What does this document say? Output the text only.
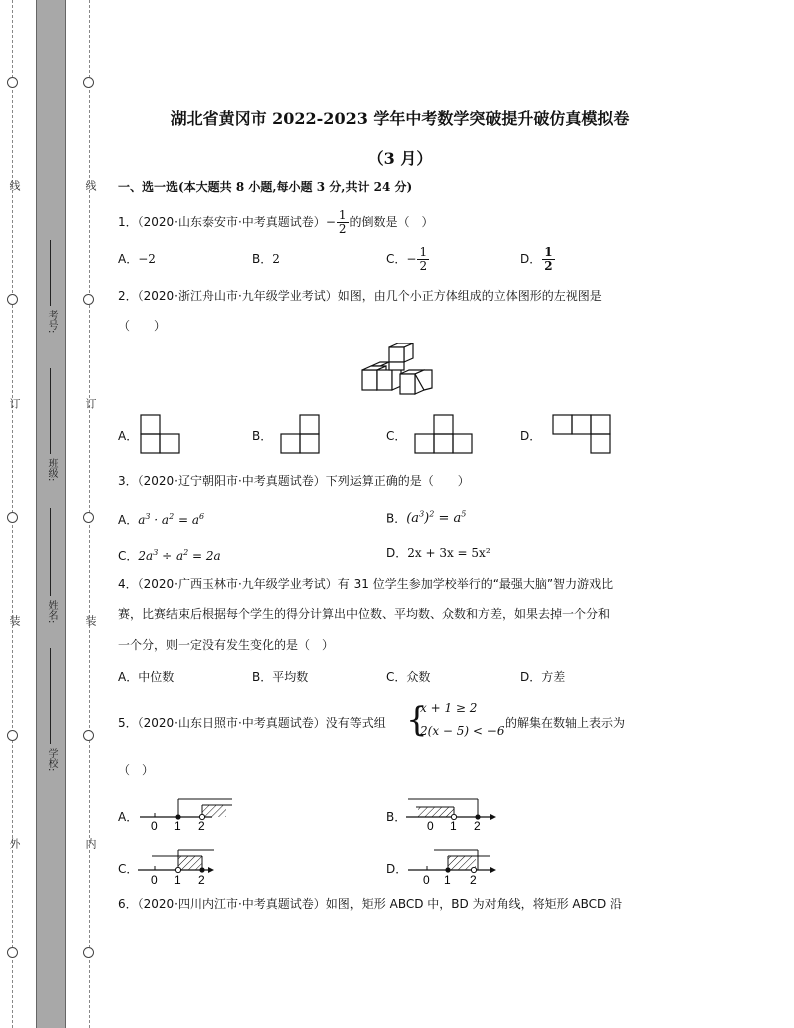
线
订
装
外
线
订
装
内
考号:
班级:
姓名:
学校:
湖北省黄冈市 2022-2023 学年中考数学突破提升破仿真模拟卷
（3 月）
一、选一选(本大题共 8 小题,每小题 3 分,共计 24 分)
1．（2020·山东泰安市·中考真题试卷）− $\frac{1}{2}$ 的倒数是（　）
A．−2	B．2	C．− $\frac{1}{2}$	D． $\frac{1}{2}$
2．（2020·浙江舟山市·九年级学业考试）如图，由几个小正方体组成的立体图形的左视图是
（　　）
A．	B．	C．	D．
3．（2020·辽宁朝阳市·中考真题试卷）下列运算正确的是（　　）
A．$a^3 \cdot a^2 = a^6$	B．$(a^3)^2 = a^5$
C．$2a^3 \div a^2 = 2a$	D．2x + 3x = 5x²
4．（2020·广西玉林市·九年级学业考试）有 31 位学生参加学校举行的“最强大脑”智力游戏比
赛，比赛结束后根据每个学生的得分计算出中位数、平均数、众数和方差，如果去掉一个分和
一个分，则一定没有发生变化的是（　）
A．中位数	B．平均数	C．众数	D．方差
5．（2020·山东日照市·中考真题试卷）没有等式组 {
x + 1 ≥ 2
2(x − 5) < −6
的解集在数轴上表示为
（　）
A．
0 1 2
B．
0 1 2
C．
0 1 2
D．
0 1 2
6．（2020·四川内江市·中考真题试卷）如图，矩形 ABCD 中，BD 为对角线，将矩形 ABCD 沿
